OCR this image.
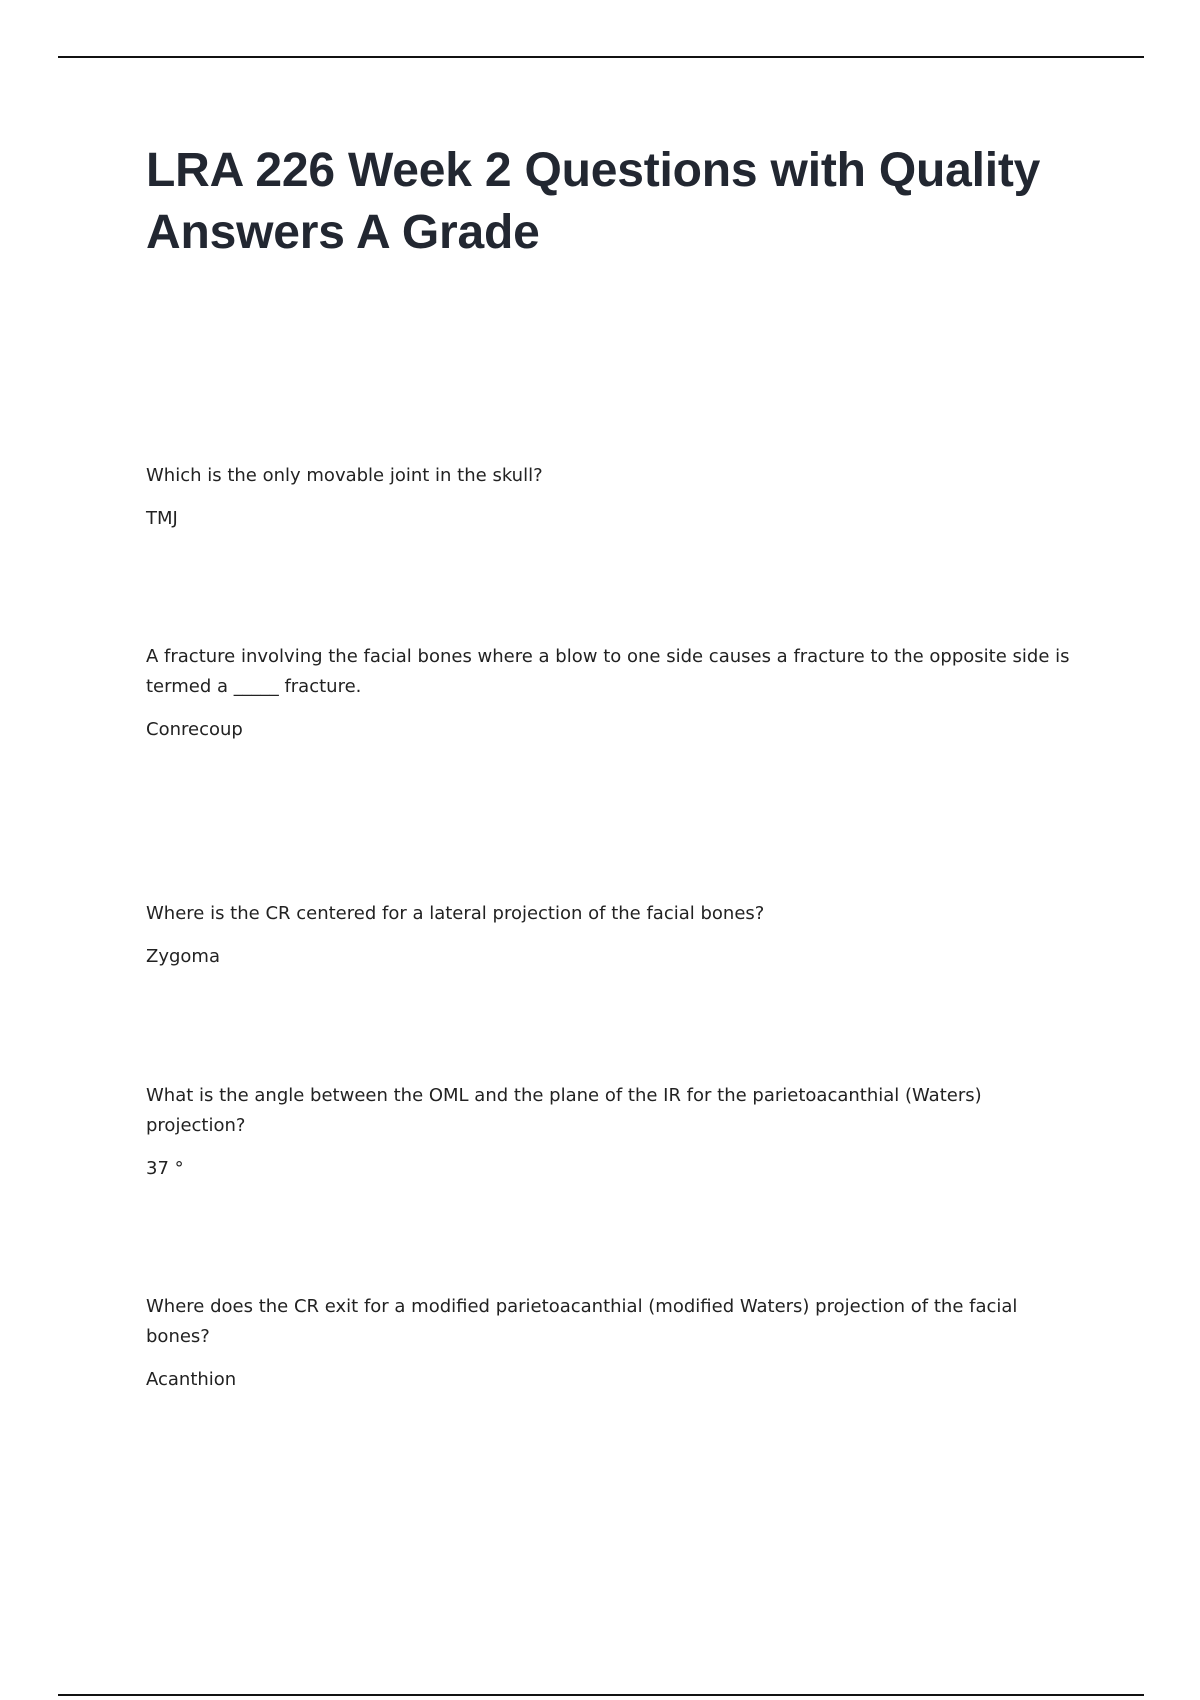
LRA 226 Week 2 Questions with Quality Answers A Grade

Which is the only movable joint in the skull?

TMJ

A fracture involving the facial bones where a blow to one side causes a fracture to the opposite side is termed a _____ fracture.

Conrecoup

Where is the CR centered for a lateral projection of the facial bones?

Zygoma

What is the angle between the OML and the plane of the IR for the parietoacanthial (Waters) projection?

37 °

Where does the CR exit for a modified parietoacanthial (modified Waters) projection of the facial bones?

Acanthion
